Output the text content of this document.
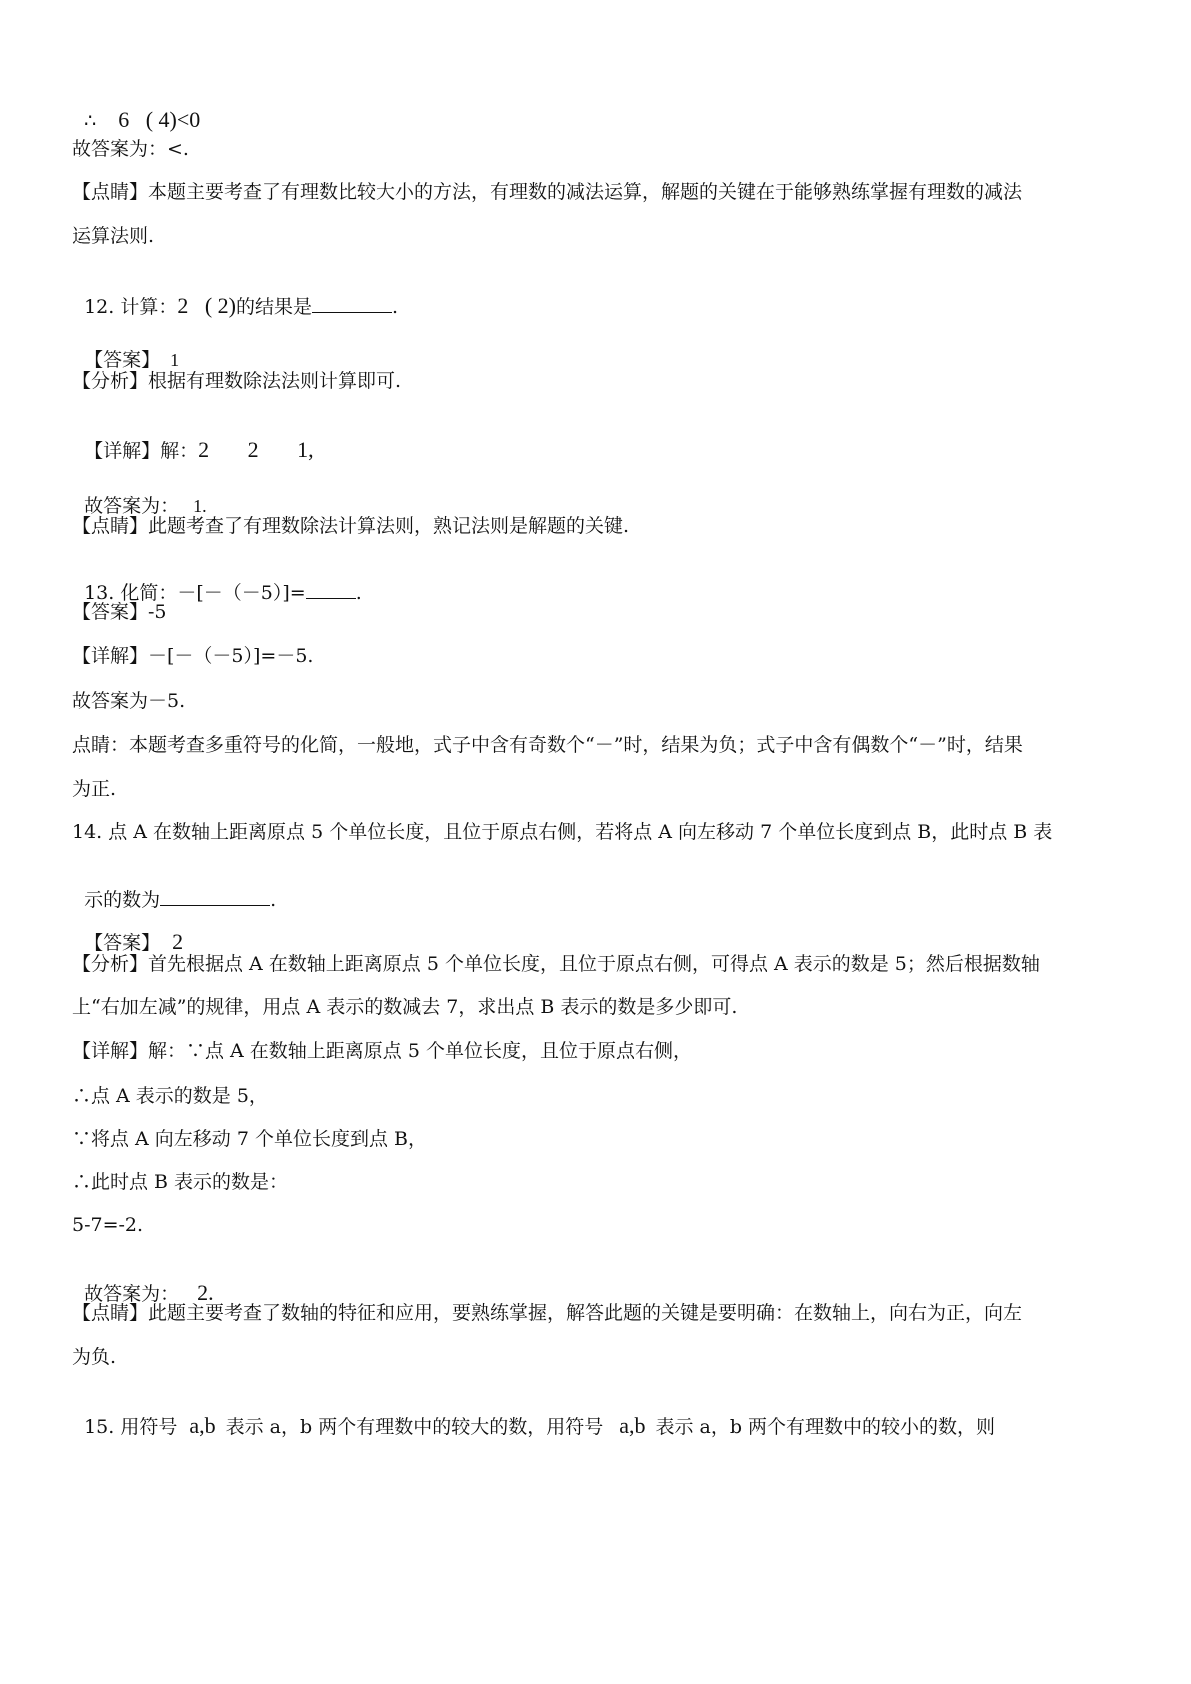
∴ 6   ( 4)<0

故答案为：<.

【点睛】本题主要考查了有理数比较大小的方法，有理数的减法运算，解题的关键在于能够熟练掌握有理数的减法

运算法则.

12. 计算：2   ( 2)的结果是	.

【答案】 1

【分析】根据有理数除法法则计算即可.

【详解】解：2       2       1,

故答案为： 1.

【点睛】此题考查了有理数除法计算法则，熟记法则是解题的关键.

13. 化简：－[－（－5）]=	.

【答案】-5

【详解】－[－（－5）]=－5.

故答案为－5.

点睛：本题考查多重符号的化简，一般地，式子中含有奇数个“－”时，结果为负；式子中含有偶数个“－”时，结果

为正.

14. 点 A 在数轴上距离原点 5 个单位长度，且位于原点右侧，若将点 A 向左移动 7 个单位长度到点 B，此时点 B 表

示的数为	.

【答案】 2

【分析】首先根据点 A 在数轴上距离原点 5 个单位长度，且位于原点右侧，可得点 A 表示的数是 5；然后根据数轴

上“右加左减”的规律，用点 A 表示的数减去 7，求出点 B 表示的数是多少即可.

【详解】解：∵点 A 在数轴上距离原点 5 个单位长度，且位于原点右侧，

∴点 A 表示的数是 5，

∵将点 A 向左移动 7 个单位长度到点 B，

∴此时点 B 表示的数是：

5-7=-2.

故答案为： 2.

【点睛】此题主要考查了数轴的特征和应用，要熟练掌握，解答此题的关键是要明确：在数轴上，向右为正，向左

为负.

15. 用符号 a,b 表示 a，b 两个有理数中的较大的数，用符号 a,b 表示 a，b 两个有理数中的较小的数，则
